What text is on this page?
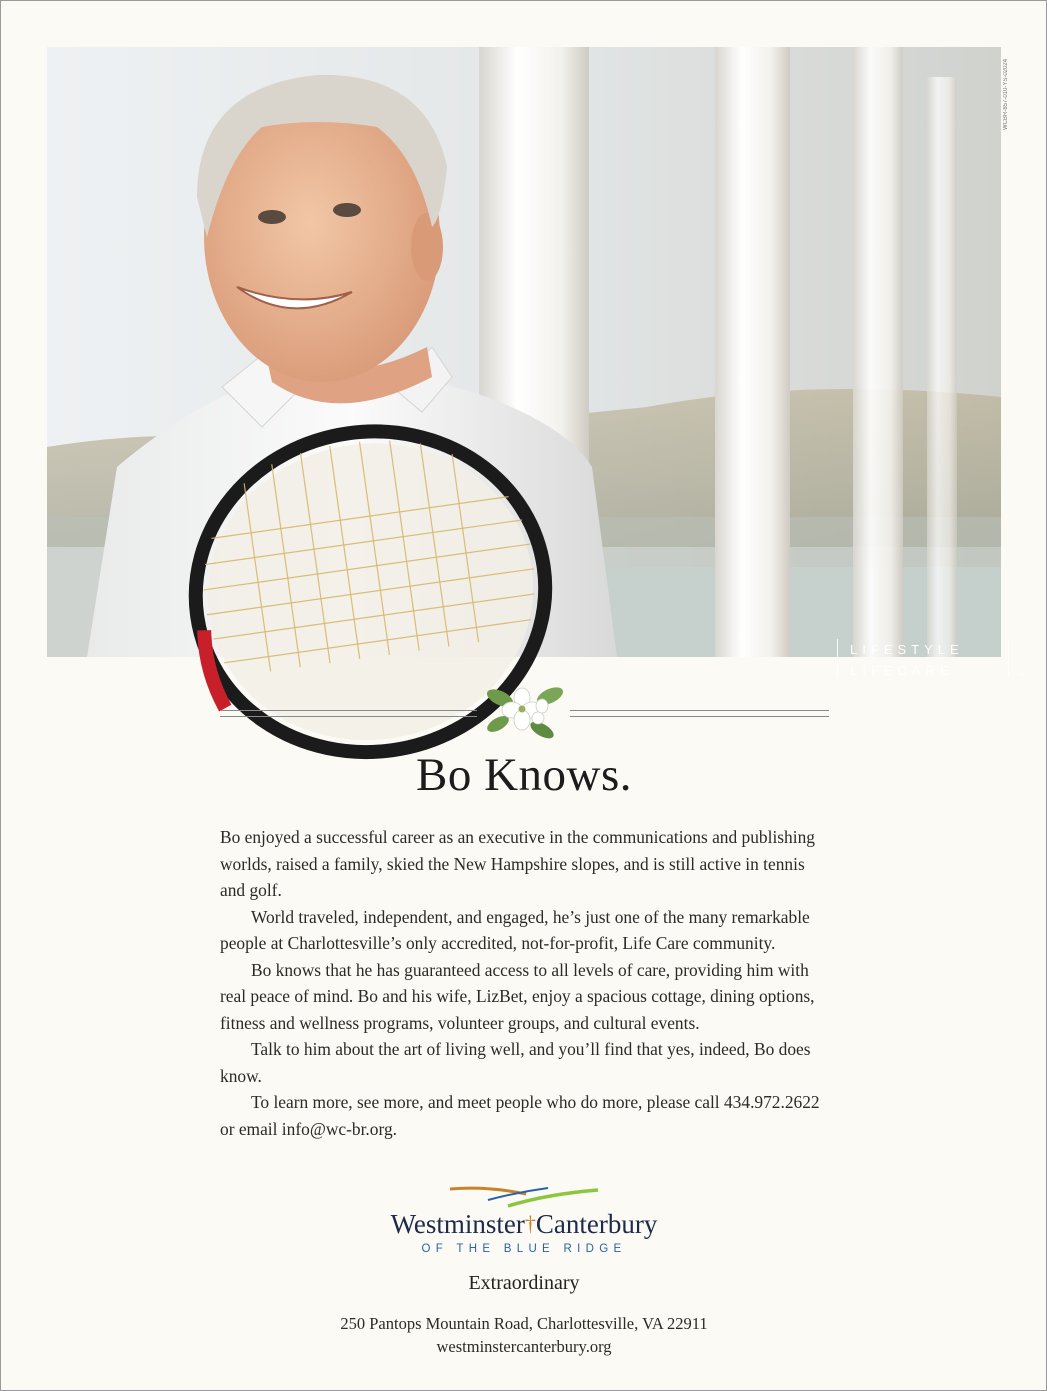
LIFESTYLE
LIFECARE	SM
WCBR-857-010-YS-02024
Bo Knows.

Bo enjoyed a successful career as an executive in the communications and publishing worlds, raised a family, skied the New Hampshire slopes, and is still active in tennis and golf.

World traveled, independent, and engaged, he’s just one of the many remarkable people at Charlottesville’s only accredited, not-for-profit, Life Care community.

Bo knows that he has guaranteed access to all levels of care, providing him with real peace of mind. Bo and his wife, LizBet, enjoy a spacious cottage, dining options, fitness and wellness programs, volunteer groups, and cultural events.

Talk to him about the art of living well, and you’ll find that yes, indeed, Bo does know.

To learn more, see more, and meet people who do more, please call 434.972.2622 or email info@wc-br.org.

Westminster†Canterbury
OF THE BLUE RIDGE
Extraordinary
250 Pantops Mountain Road, Charlottesville, VA 22911
westminstercanterbury.org
